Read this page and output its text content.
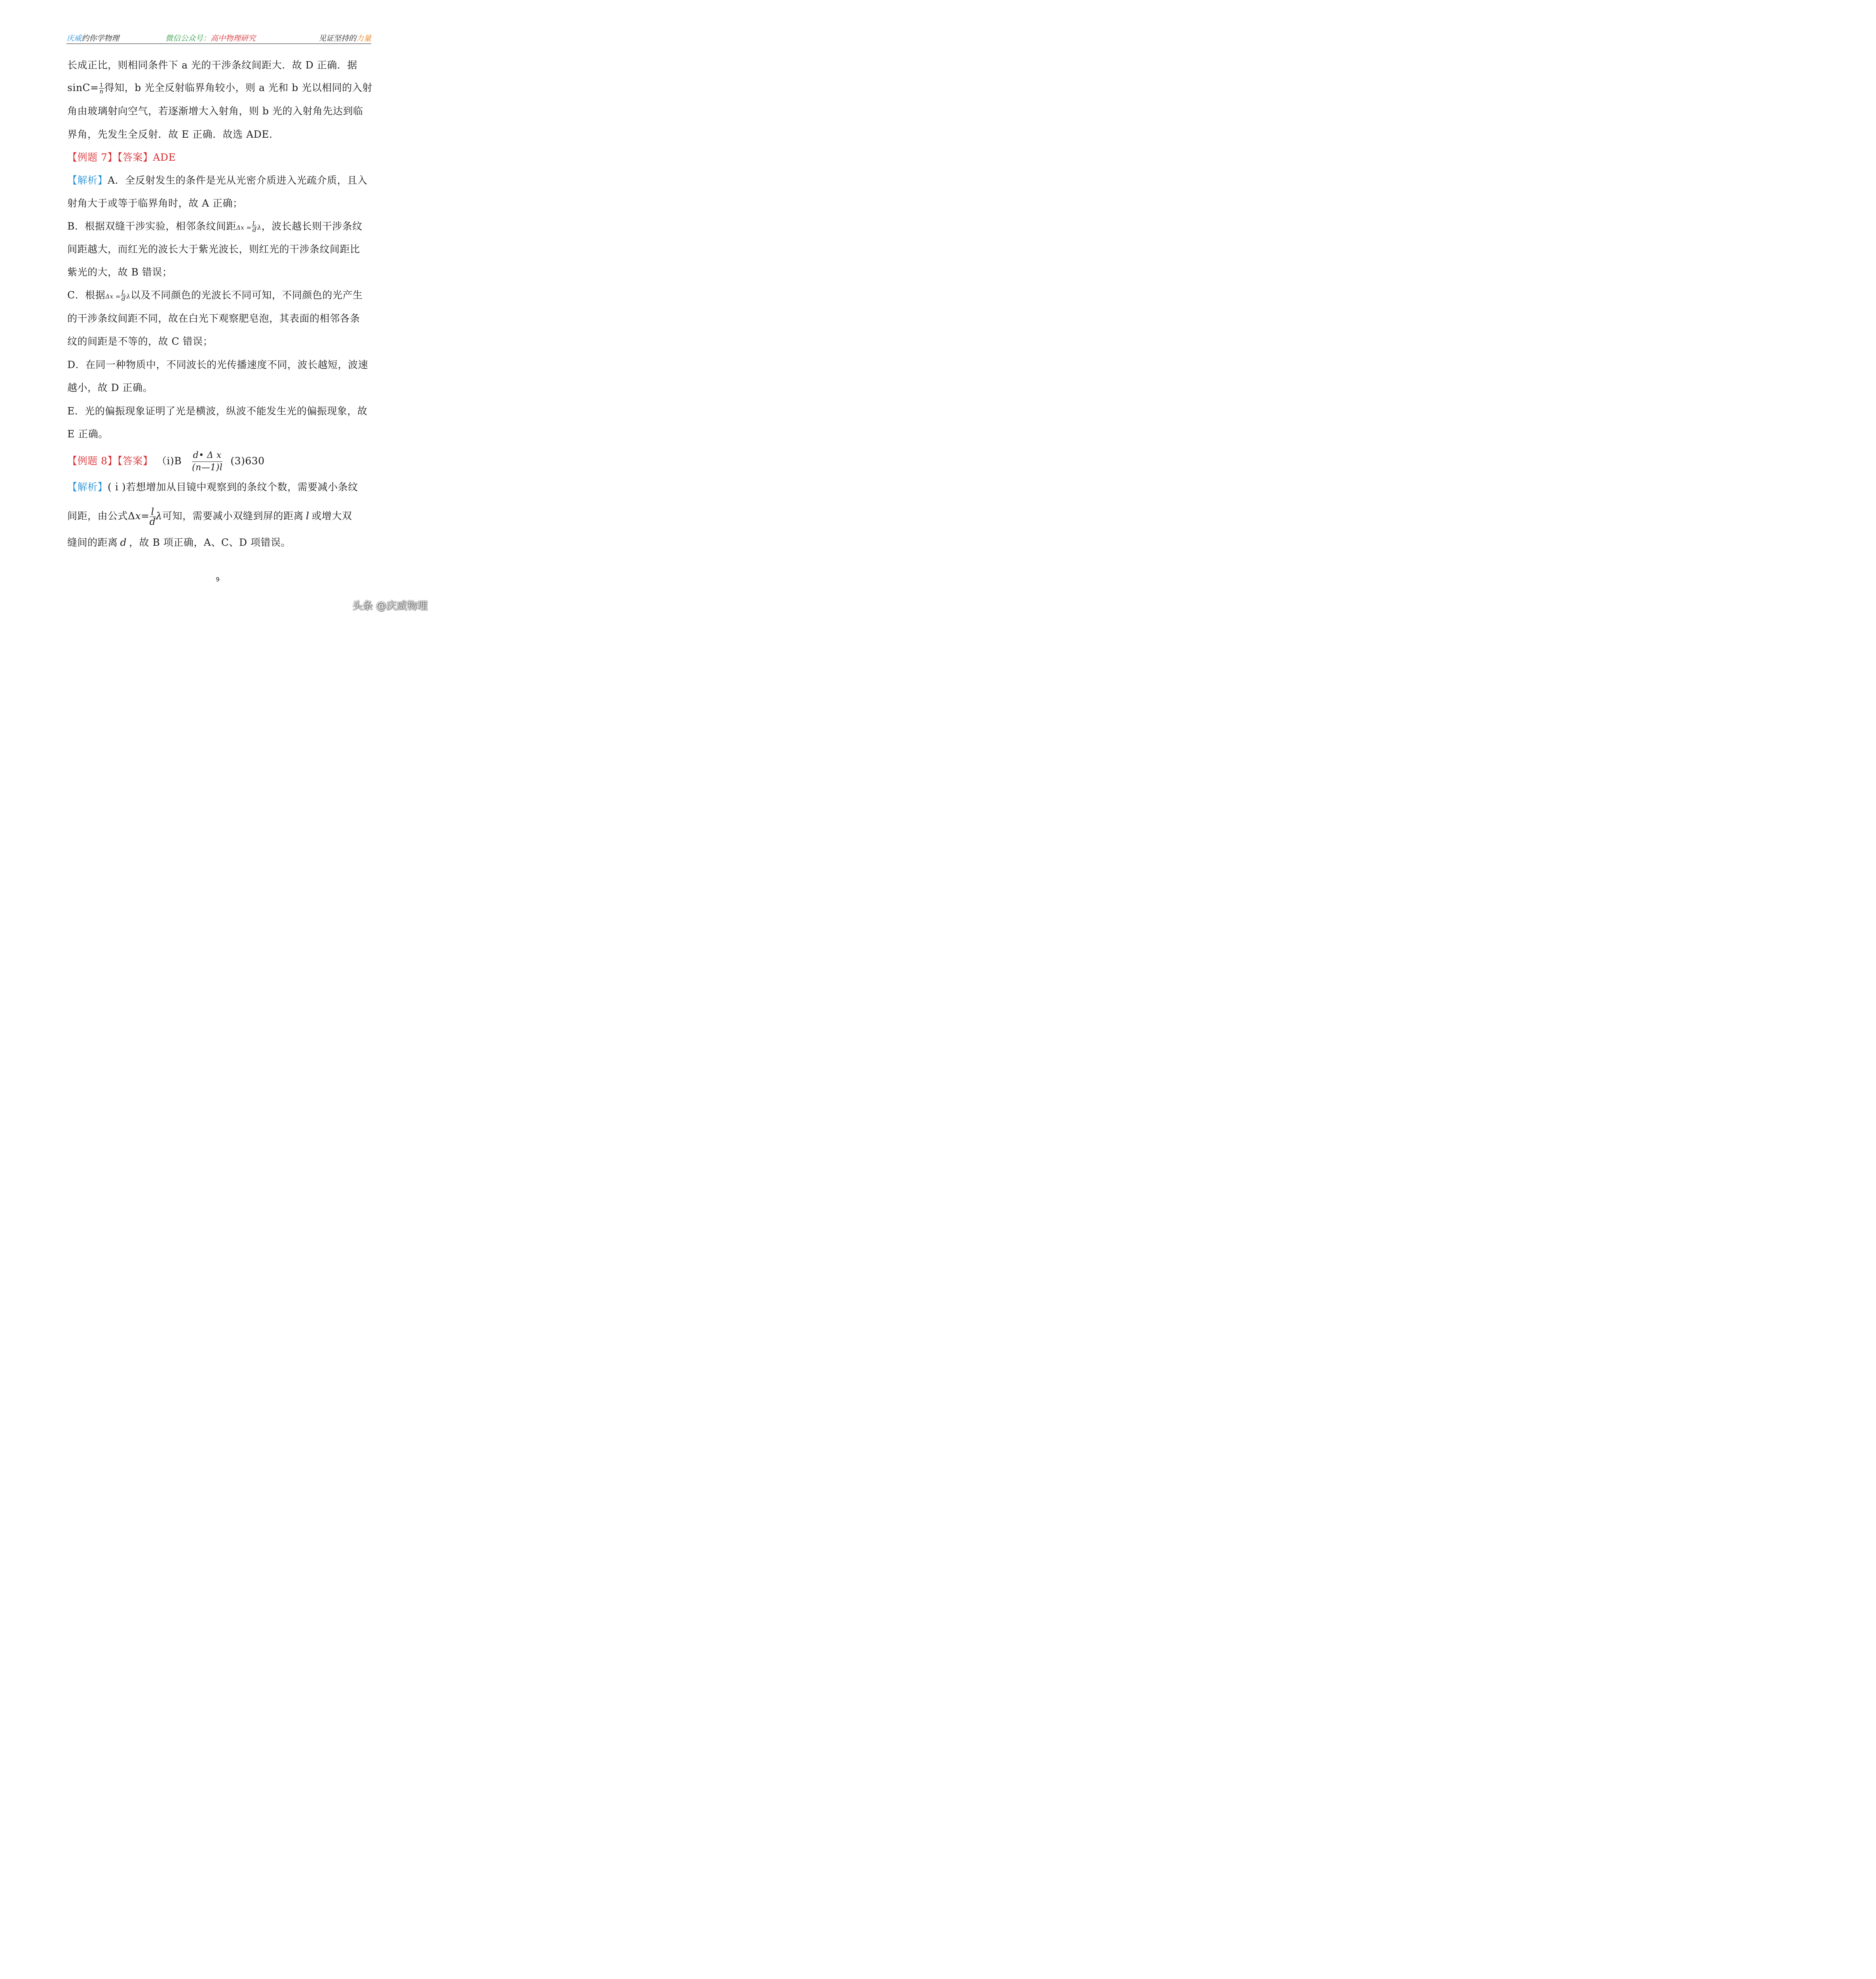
庆威约你学物理	微信公众号：高中物理研究	见证坚持的力量
长成正比，则相同条件下 a 光的干涉条纹间距大．故 D 正确．据
$\sin C= \frac{1}{n}$ 得知，b 光全反射临界角较小，则 a 光和 b 光以相同的入射
角由玻璃射向空气，若逐渐增大入射角，则 b 光的入射角先达到临
界角，先发生全反射．故 E 正确．故选 ADE.
【例题 7】【答案】ADE
【解析】A．全反射发生的条件是光从光密介质进入光疏介质，且入
射角大于或等于临界角时，故 A 正确；
B．根据双缝干涉实验，相邻条纹间距$\Delta x = \frac{L}{d}$ λ，波长越长则干涉条纹
间距越大，而红光的波长大于紫光波长，则红光的干涉条纹间距比
紫光的大，故 B 错误；
C．根据$\Delta x = \frac{L}{d}$ λ以及不同颜色的光波长不同可知，不同颜色的光产生
的干涉条纹间距不同，故在白光下观察肥皂泡，其表面的相邻各条
纹的间距是不等的，故 C 错误；
D．在同一种物质中，不同波长的光传播速度不同，波长越短，波速
越小，故 D 正确。
E．光的偏振现象证明了光是横波，纵波不能发生光的偏振现象，故
E 正确。
【例题 8】【答案】 $(i)B \frac{\text{d• Δ x}}{(n—1)l} (3)630$
【解析】(ｉ)若想增加从目镜中观察到的条纹个数，需要减小条纹
间距，由公式$\Delta x= \frac{l}{d}$ λ可知，需要减小双缝到屏的距离 l 或增大双
缝间的距离 d ，故 B 项正确，A、C、D 项错误。
9
头条 @庆威物理
